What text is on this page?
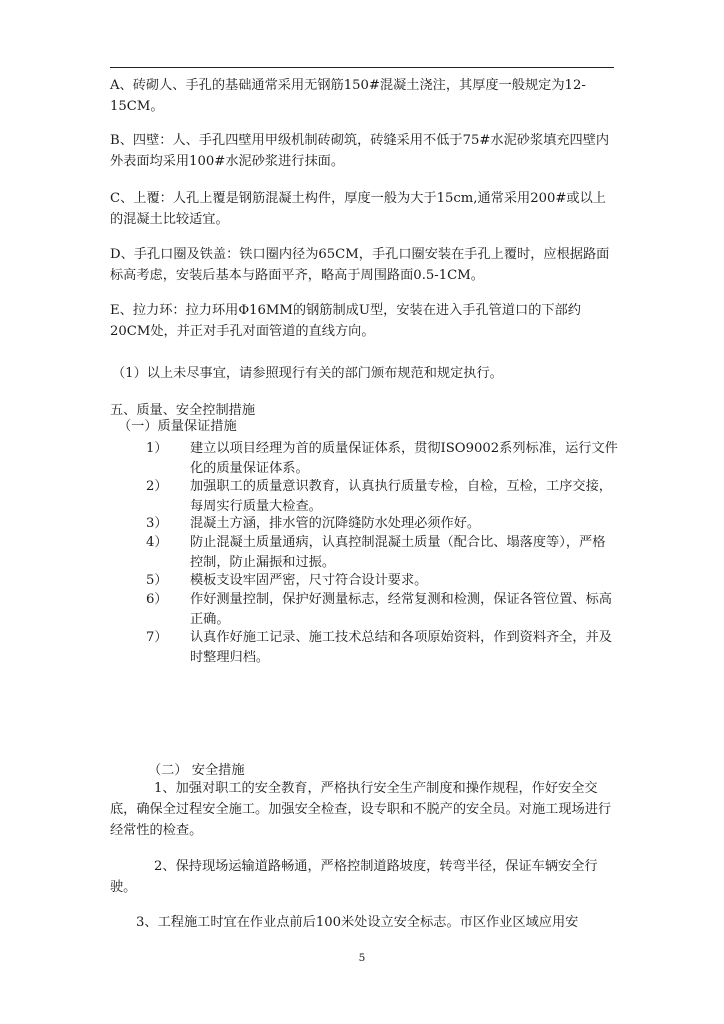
A、砖砌人、手孔的基础通常采用无钢筋150#混凝土浇注，其厚度一般规定为12-15CM。

B、四壁：人、手孔四壁用甲级机制砖砌筑，砖缝采用不低于75#水泥砂浆填充四壁内外表面均采用100#水泥砂浆进行抹面。

C、上覆：人孔上覆是钢筋混凝土构件，厚度一般为大于15cm,通常采用200#或以上的混凝土比较适宜。

D、手孔口圈及铁盖：铁口圈内径为65CM，手孔口圈安装在手孔上覆时，应根据路面标高考虑，安装后基本与路面平齐，略高于周围路面0.5-1CM。

E、拉力环：拉力环用Φ16MM的钢筋制成U型，安装在进入手孔管道口的下部约20CM处，并正对手孔对面管道的直线方向。

（1）以上未尽事宜，请参照现行有关的部门颁布规范和规定执行。

五、质量、安全控制措施
（一）质量保证措施
1） 建立以项目经理为首的质量保证体系，贯彻ISO9002系列标准，运行文件化的质量保证体系。
2） 加强职工的质量意识教育，认真执行质量专检，自检，互检，工序交接，每周实行质量大检查。
3） 混凝土方涵，排水管的沉降缝防水处理必须作好。
4） 防止混凝土质量通病，认真控制混凝土质量（配合比、塌落度等），严格控制，防止漏振和过振。
5） 模板支设牢固严密，尺寸符合设计要求。
6） 作好测量控制，保护好测量标志，经常复测和检测，保证各管位置、标高正确。
7） 认真作好施工记录、施工技术总结和各项原始资料，作到资料齐全，并及时整理归档。
（二） 安全措施

1、加强对职工的安全教育，严格执行安全生产制度和操作规程，作好安全交底，确保全过程安全施工。加强安全检查，设专职和不脱产的安全员。对施工现场进行经常性的检查。

2、保持现场运输道路畅通，严格控制道路坡度，转弯半径，保证车辆安全行驶。

3、工程施工时宜在作业点前后100米处设立安全标志。市区作业区域应用安

5
